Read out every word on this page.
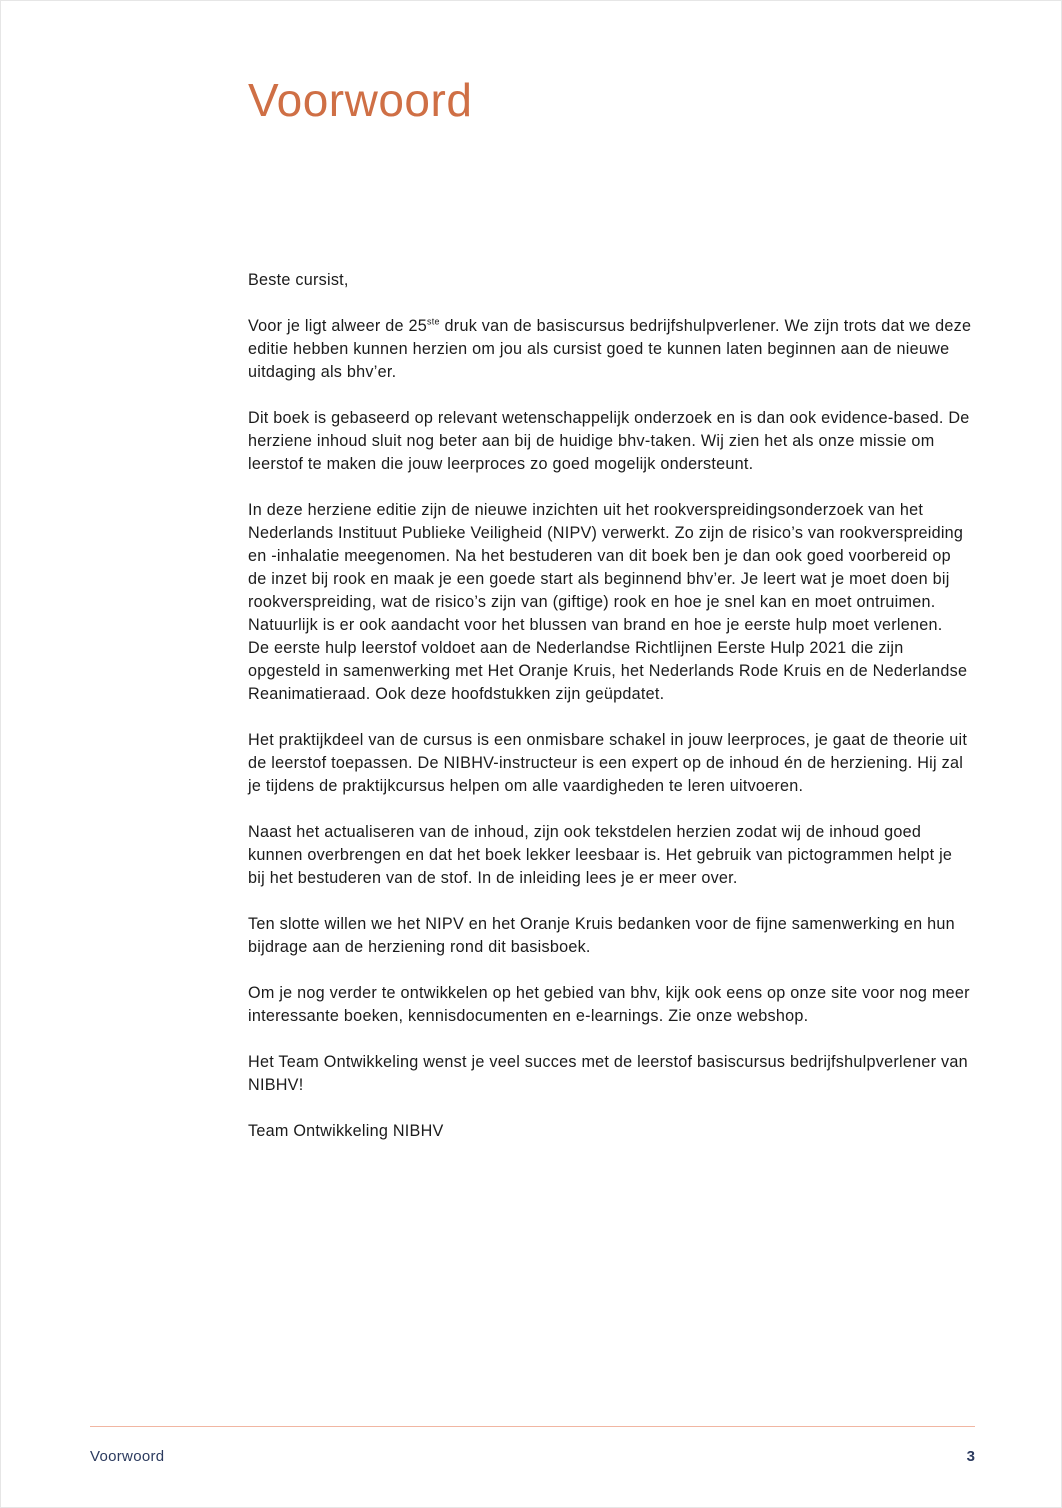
Voorwoord

Beste cursist,

Voor je ligt alweer de 25ste druk van de basiscursus bedrijfshulpverlener. We zijn trots dat we deze editie hebben kunnen herzien om jou als cursist goed te kunnen laten beginnen aan de nieuwe uitdaging als bhv’er.

Dit boek is gebaseerd op relevant wetenschappelijk onderzoek en is dan ook evidence-based. De herziene inhoud sluit nog beter aan bij de huidige bhv-taken. Wij zien het als onze missie om leerstof te maken die jouw leerproces zo goed mogelijk ondersteunt.

In deze herziene editie zijn de nieuwe inzichten uit het rookverspreidingsonderzoek van het Nederlands Instituut Publieke Veiligheid (NIPV) verwerkt. Zo zijn de risico’s van rookverspreiding en -inhalatie meegenomen. Na het bestuderen van dit boek ben je dan ook goed voorbereid op de inzet bij rook en maak je een goede start als beginnend bhv’er. Je leert wat je moet doen bij rookverspreiding, wat de risico’s zijn van (giftige) rook en hoe je snel kan en moet ontruimen. Natuurlijk is er ook aandacht voor het blussen van brand en hoe je eerste hulp moet verlenen.

De eerste hulp leerstof voldoet aan de Nederlandse Richtlijnen Eerste Hulp 2021 die zijn opgesteld in samenwerking met Het Oranje Kruis, het Nederlands Rode Kruis en de Nederlandse Reanimatieraad. Ook deze hoofdstukken zijn geüpdatet.

Het praktijkdeel van de cursus is een onmisbare schakel in jouw leerproces, je gaat de theorie uit de leerstof toepassen. De NIBHV-instructeur is een expert op de inhoud én de herziening. Hij zal je tijdens de praktijkcursus helpen om alle vaardigheden te leren uitvoeren.

Naast het actualiseren van de inhoud, zijn ook tekstdelen herzien zodat wij de inhoud goed kunnen overbrengen en dat het boek lekker leesbaar is. Het gebruik van pictogrammen helpt je bij het bestuderen van de stof. In de inleiding lees je er meer over.

Ten slotte willen we het NIPV en het Oranje Kruis bedanken voor de fijne samenwerking en hun bijdrage aan de herziening rond dit basisboek.

Om je nog verder te ontwikkelen op het gebied van bhv, kijk ook eens op onze site voor nog meer interessante boeken, kennisdocumenten en e-learnings. Zie onze webshop.

Het Team Ontwikkeling wenst je veel succes met de leerstof basiscursus bedrijfshulpverlener van NIBHV!

Team Ontwikkeling NIBHV

Voorwoord	3
